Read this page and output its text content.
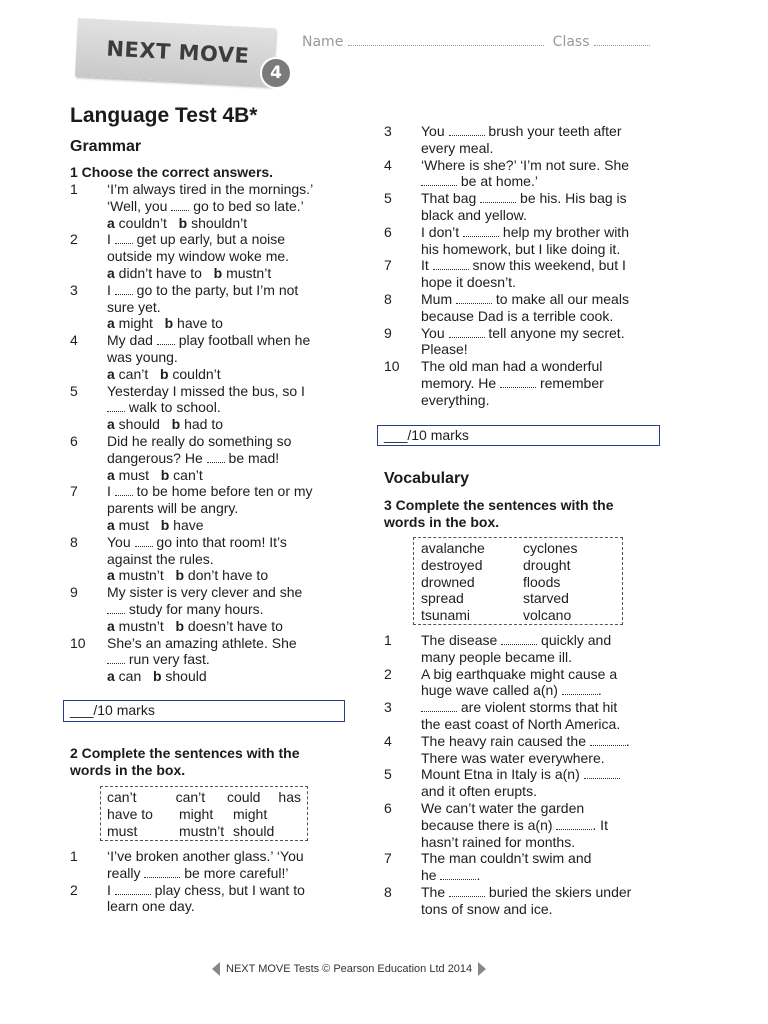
NEXT MOVE
4
Name	Class
Language Test 4B*
Grammar
1 Choose the correct answers.
1 ‘I’m always tired in the mornings.’
‘Well, you  go to bed so late.’
a couldn’t   b shouldn’t
2 I  get up early, but a noise
outside my window woke me.
a didn’t have to   b mustn’t
3 I  go to the party, but I’m not
sure yet.
a might   b have to
4 My dad  play football when he
was young.
a can’t   b couldn’t
5 Yesterday I missed the bus, so I
walk to school.
a should   b had to
6 Did he really do something so
dangerous? He  be mad!
a must   b can’t
7 I  to be home before ten or my
parents will be angry.
a must   b have
8 You  go into that room! It’s
against the rules.
a mustn’t   b don’t have to
9 My sister is very clever and she
study for many hours.
a mustn’t   b doesn’t have to
10 She’s an amazing athlete. She
run very fast.
a can   b should
___/10 marks
2 Complete the sentences with the
words in the box.
can’t	can’t	could	has
have to	might	might
must	mustn’t should
1 ‘I’ve broken another glass.’ ‘You
really	be more careful!’
2 I	play chess, but I want to
learn one day.
3 You	brush your teeth after
every meal.
4 ‘Where is she?’ ‘I’m not sure. She
be at home.’
5 That bag	be his. His bag is
black and yellow.
6 I don’t	help my brother with
his homework, but I like doing it.
7 It	snow this weekend, but I
hope it doesn’t.
8 Mum	to make all our meals
because Dad is a terrible cook.
9 You	tell anyone my secret.
Please!
10 The old man had a wonderful
memory. He	remember
everything.
___/10 marks
Vocabulary
3 Complete the sentences with the
words in the box.
avalanche	cyclones
destroyed	drought
drowned	floods
spread	starved
tsunami	volcano
1 The disease	quickly and
many people became ill.
2 A big earthquake might cause a
huge wave called a(n)	.
3	are violent storms that hit
the east coast of North America.
4 The heavy rain caused the	.
There was water everywhere.
5 Mount Etna in Italy is a(n)
and it often erupts.
6 We can’t water the garden
because there is a(n)	. It
hasn’t rained for months.
7 The man couldn’t swim and
he	.
8 The	buried the skiers under
tons of snow and ice.
NEXT MOVE Tests © Pearson Education Ltd 2014
